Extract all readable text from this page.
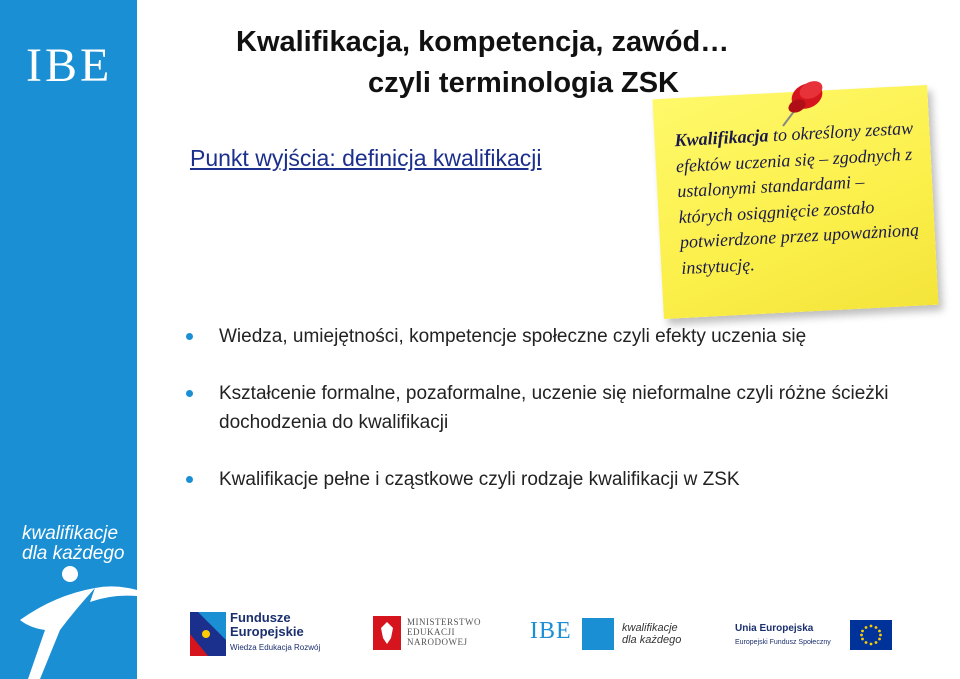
IBE
kwalifikacje
dla każdego
Kwalifikacja, kompetencja, zawód…
czyli terminologia ZSK
Punkt wyjścia: definicja kwalifikacji
Kwalifikacja to określony zestaw efektów uczenia się – zgodnych z ustalonymi standardami – których osiągnięcie zostało potwierdzone przez upoważnioną instytucję.
Wiedza, umiejętności, kompetencje społeczne czyli efekty uczenia się
Kształcenie formalne, pozaformalne, uczenie się nieformalne czyli różne ścieżki dochodzenia do kwalifikacji
Kwalifikacje pełne i cząstkowe czyli rodzaje kwalifikacji w ZSK
Fundusze
Europejskie
Wiedza Edukacja Rozwój
MINISTERSTWO
EDUKACJI
NARODOWEJ	IBE	kwalifikacje
dla każdego
Unia Europejska
Europejski Fundusz Społeczny
